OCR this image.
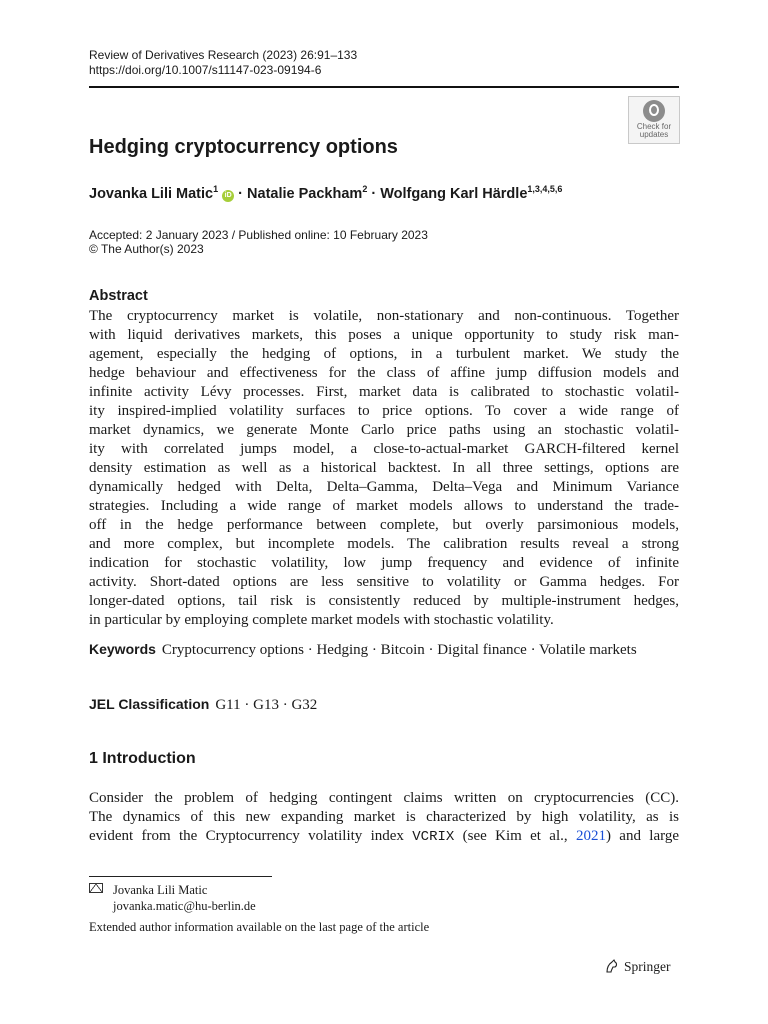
Review of Derivatives Research (2023) 26:91–133
https://doi.org/10.1007/s11147-023-09194-6
Check for
updates
Hedging cryptocurrency options
Jovanka Lili Matic$^1$ iD · Natalie Packham$^2$ · Wolfgang Karl Härdle$^{1,3,4,5,6}$
Accepted: 2 January 2023 / Published online: 10 February 2023
© The Author(s) 2023
Abstract
The cryptocurrency market is volatile, non-stationary and non-continuous. Together
with liquid derivatives markets, this poses a unique opportunity to study risk man-
agement, especially the hedging of options, in a turbulent market. We study the
hedge behaviour and effectiveness for the class of affine jump diffusion models and
infinite activity Lévy processes. First, market data is calibrated to stochastic volatil-
ity inspired-implied volatility surfaces to price options. To cover a wide range of
market dynamics, we generate Monte Carlo price paths using an stochastic volatil-
ity with correlated jumps model, a close-to-actual-market GARCH-filtered kernel
density estimation as well as a historical backtest. In all three settings, options are
dynamically hedged with Delta, Delta–Gamma, Delta–Vega and Minimum Variance
strategies. Including a wide range of market models allows to understand the trade-
off in the hedge performance between complete, but overly parsimonious models,
and more complex, but incomplete models. The calibration results reveal a strong
indication for stochastic volatility, low jump frequency and evidence of infinite
activity. Short-dated options are less sensitive to volatility or Gamma hedges. For
longer-dated options, tail risk is consistently reduced by multiple-instrument hedges,
in particular by employing complete market models with stochastic volatility.
Keywords Cryptocurrency options · Hedging · Bitcoin · Digital finance · Volatile markets
JEL Classification G11 · G13 · G32
1 Introduction
Consider the problem of hedging contingent claims written on cryptocurrencies (CC).
The dynamics of this new expanding market is characterized by high volatility, as is
evident from the Cryptocurrency volatility index VCRIX (see Kim et al., 2021) and large
Jovanka Lili Matic
jovanka.matic@hu-berlin.de
Extended author information available on the last page of the article
Springer
